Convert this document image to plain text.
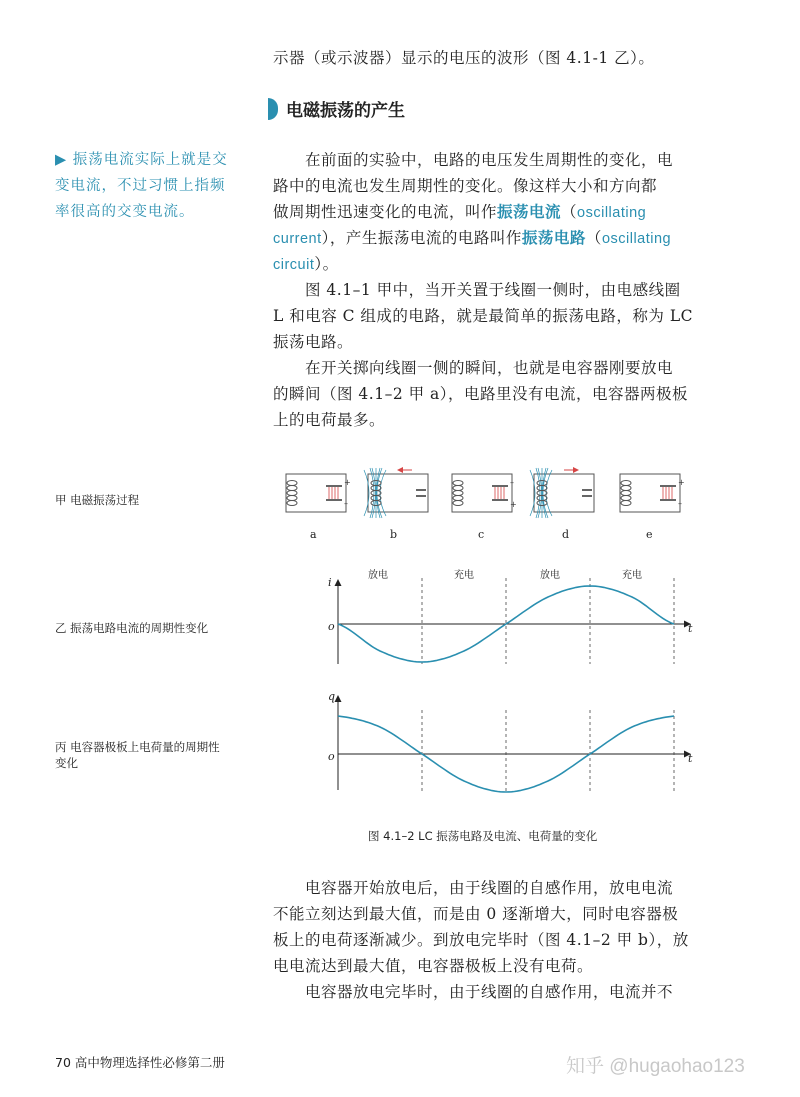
示器（或示波器）显示的电压的波形（图 4.1-1 乙）。
电磁振荡的产生
▶ 振荡电流实际上就是交
变电流，不过习惯上指频
率很高的交变电流。
在前面的实验中，电路的电压发生周期性的变化，电
路中的电流也发生周期性的变化。像这样大小和方向都
做周期性迅速变化的电流，叫作振荡电流（oscillating
current），产生振荡电流的电路叫作振荡电路（oscillating
circuit）。
图 4.1–1 甲中，当开关置于线圈一侧时，由电感线圈
L 和电容 C 组成的电路，就是最简单的振荡电路，称为 LC
振荡电路。
在开关掷向线圈一侧的瞬间，也就是电容器刚要放电
的瞬间（图 4.1–2 甲 a），电路里没有电流，电容器两极板
上的电荷最多。
甲 电磁振荡过程
乙 振荡电路电流的周期性变化
丙 电容器极板上电荷量的周期性
变化
+
–
–
+
+
–
a	b	c	d	e
i
t
o
放电	充电	放电	充电
q
t
o
图 4.1–2 LC 振荡电路及电流、电荷量的变化
电容器开始放电后，由于线圈的自感作用，放电电流
不能立刻达到最大值，而是由 0 逐渐增大，同时电容器极
板上的电荷逐渐减少。到放电完毕时（图 4.1–2 甲 b），放
电电流达到最大值，电容器极板上没有电荷。
电容器放电完毕时，由于线圈的自感作用，电流并不
70 高中物理选择性必修第二册	知乎 @hugaohao123
